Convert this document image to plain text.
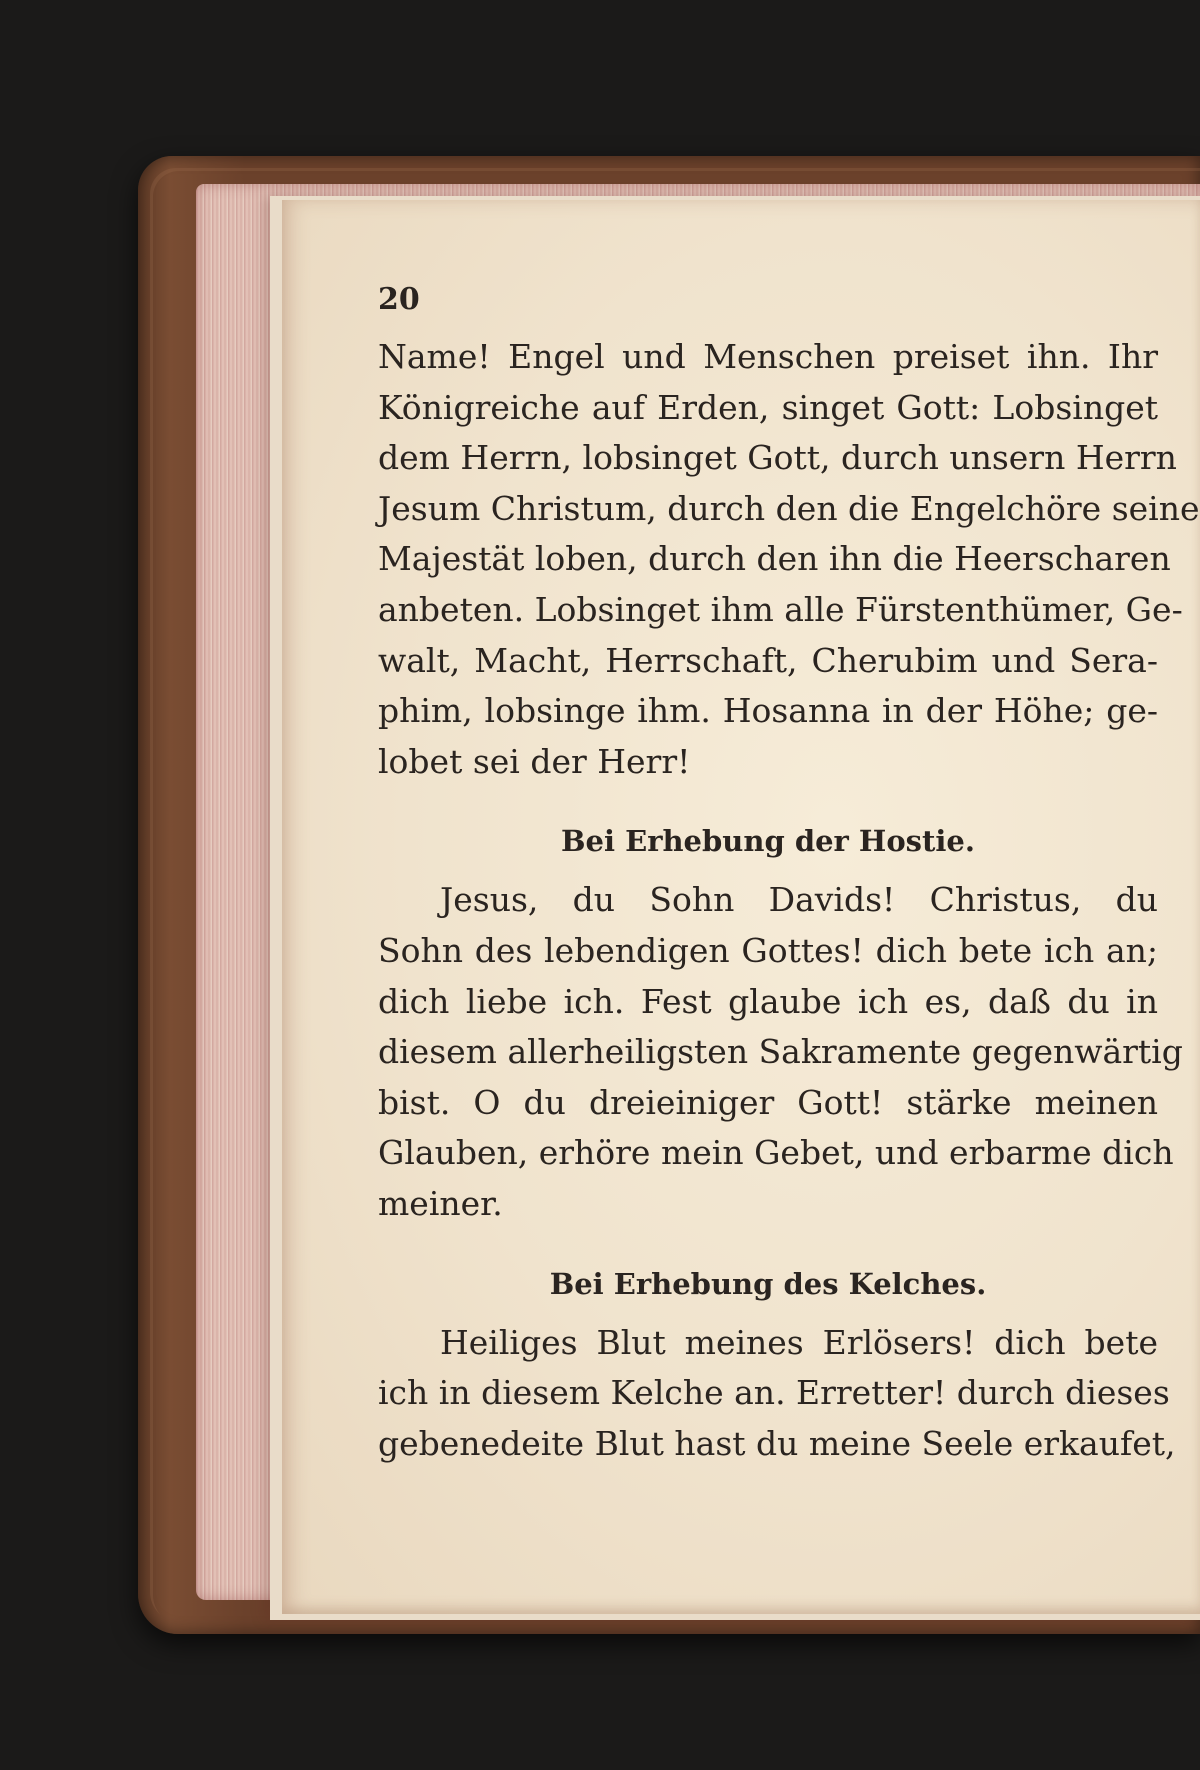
20
Name! Engel und Menschen preiset ihn. Ihr
Königreiche auf Erden, singet Gott: Lobsinget
dem Herrn, lobsinget Gott, durch unsern Herrn
Jesum Christum, durch den die Engelchöre seine
Majestät loben, durch den ihn die Heerscharen
anbeten. Lobsinget ihm alle Fürstenthümer, Ge-
walt, Macht, Herrschaft, Cherubim und Sera-
phim, lobsinge ihm. Hosanna in der Höhe; ge-
lobet sei der Herr!
Bei Erhebung der Hostie.
Jesus, du Sohn Davids! Christus, du
Sohn des lebendigen Gottes! dich bete ich an;
dich liebe ich. Fest glaube ich es, daß du in
diesem allerheiligsten Sakramente gegenwärtig
bist. O du dreieiniger Gott! stärke meinen
Glauben, erhöre mein Gebet, und erbarme dich
meiner.
Bei Erhebung des Kelches.
Heiliges Blut meines Erlösers! dich bete
ich in diesem Kelche an. Erretter! durch dieses
gebenedeite Blut hast du meine Seele erkaufet,
